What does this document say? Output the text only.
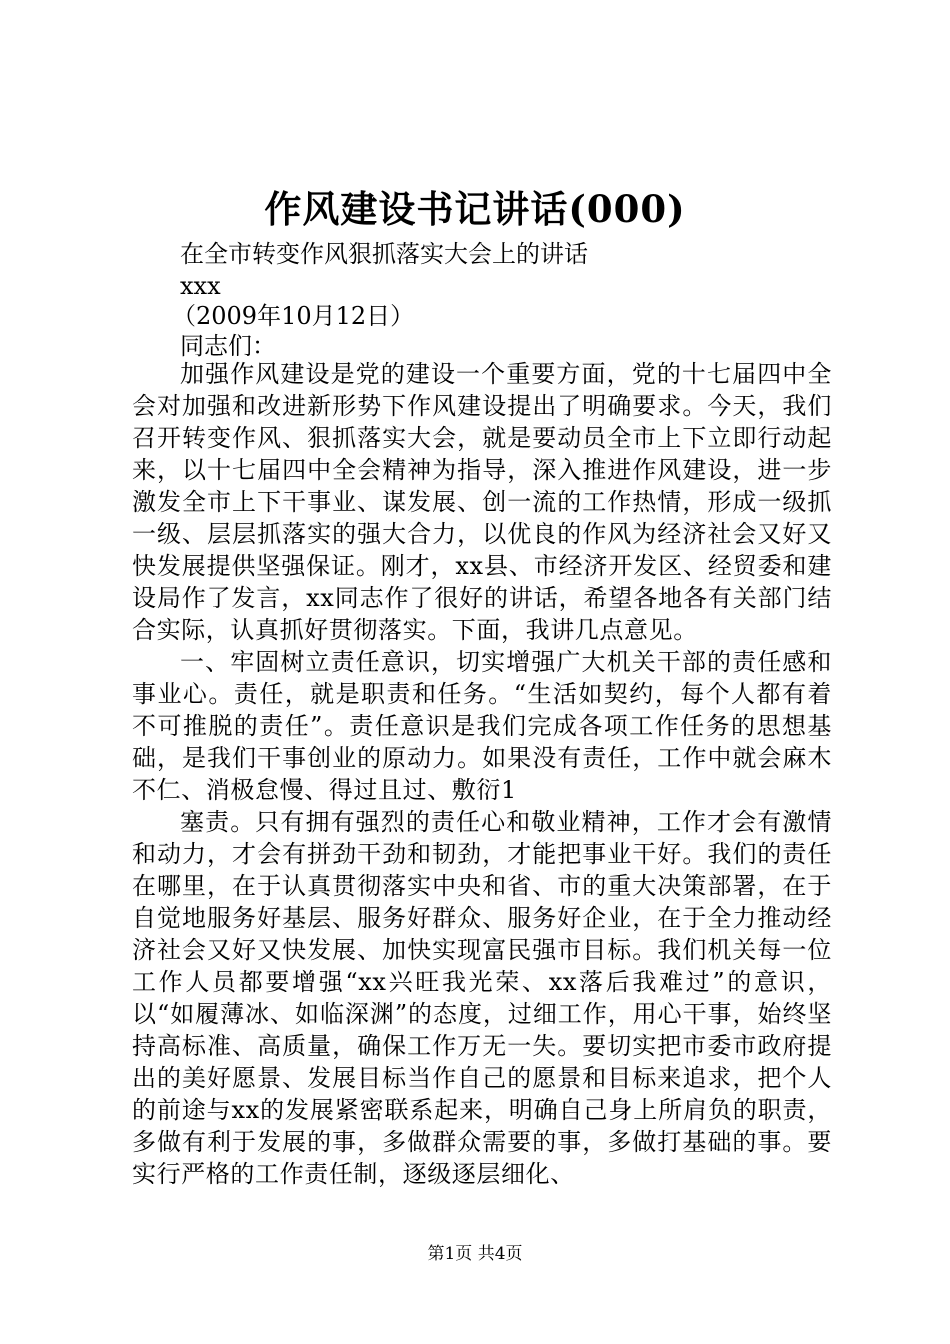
作风建设书记讲话(000)
在全市转变作风狠抓落实大会上的讲话
xxx
（2009年10月12日）
同志们：

加强作风建设是党的建设一个重要方面，党的十七届四中全会对加强和改进新形势下作风建设提出了明确要求。今天，我们召开转变作风、狠抓落实大会，就是要动员全市上下立即行动起来，以十七届四中全会精神为指导，深入推进作风建设，进一步激发全市上下干事业、谋发展、创一流的工作热情，形成一级抓一级、层层抓落实的强大合力，以优良的作风为经济社会又好又快发展提供坚强保证。刚才，xx县、市经济开发区、经贸委和建设局作了发言，xx同志作了很好的讲话，希望各地各有关部门结合实际，认真抓好贯彻落实。下面，我讲几点意见。

一、牢固树立责任意识，切实增强广大机关干部的责任感和事业心。责任，就是职责和任务。“生活如契约，每个人都有着不可推脱的责任”。责任意识是我们完成各项工作任务的思想基础，是我们干事创业的原动力。如果没有责任，工作中就会麻木不仁、消极怠慢、得过且过、敷衍1

塞责。只有拥有强烈的责任心和敬业精神，工作才会有激情和动力，才会有拼劲干劲和韧劲，才能把事业干好。我们的责任在哪里，在于认真贯彻落实中央和省、市的重大决策部署，在于自觉地服务好基层、服务好群众、服务好企业，在于全力推动经济社会又好又快发展、加快实现富民强市目标。我们机关每一位工作人员都要增强“xx兴旺我光荣、xx落后我难过”的意识，以“如履薄冰、如临深渊”的态度，过细工作，用心干事，始终坚持高标准、高质量，确保工作万无一失。要切实把市委市政府提出的美好愿景、发展目标当作自己的愿景和目标来追求，把个人的前途与xx的发展紧密联系起来，明确自己身上所肩负的职责，多做有利于发展的事，多做群众需要的事，多做打基础的事。要实行严格的工作责任制，逐级逐层细化、

第1页 共4页
